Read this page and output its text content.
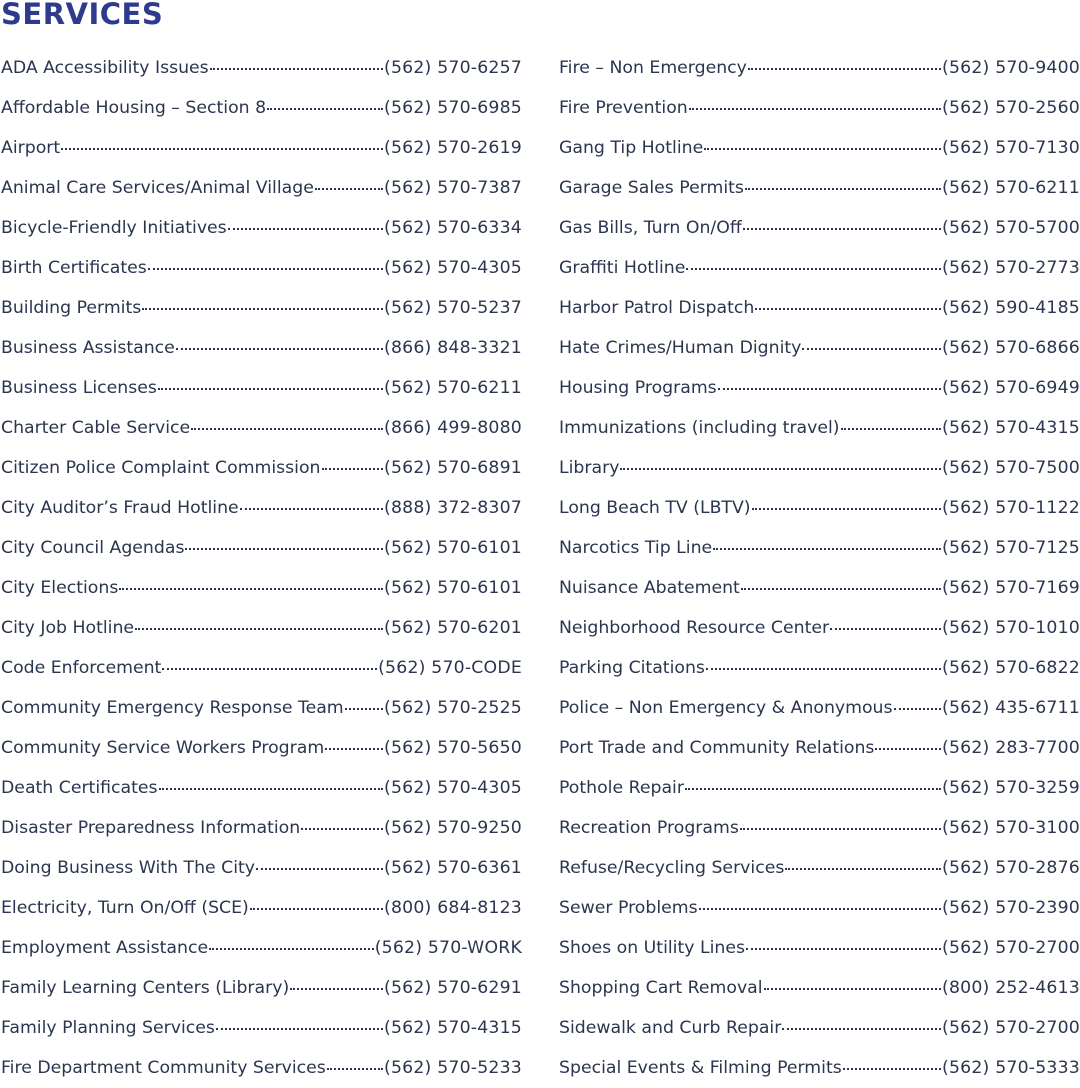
SERVICES
ADA Accessibility Issues	(562) 570-6257
Affordable Housing – Section 8	(562) 570-6985
Airport	(562) 570-2619
Animal Care Services/Animal Village	(562) 570-7387
Bicycle-Friendly Initiatives	(562) 570-6334
Birth Certificates	(562) 570-4305
Building Permits	(562) 570-5237
Business Assistance	(866) 848-3321
Business Licenses	(562) 570-6211
Charter Cable Service	(866) 499-8080
Citizen Police Complaint Commission	(562) 570-6891
City Auditor’s Fraud Hotline	(888) 372-8307
City Council Agendas	(562) 570-6101
City Elections	(562) 570-6101
City Job Hotline	(562) 570-6201
Code Enforcement	(562) 570-CODE
Community Emergency Response Team (562) 570-2525
Community Service Workers Program	(562) 570-5650
Death Certificates	(562) 570-4305
Disaster Preparedness Information	(562) 570-9250
Doing Business With The City	(562) 570-6361
Electricity, Turn On/Off (SCE)	(800) 684-8123
Employment Assistance	(562) 570-WORK
Family Learning Centers (Library)	(562) 570-6291
Family Planning Services	(562) 570-4315
Fire Department Community Services	(562) 570-5233
Fire – Non Emergency	(562) 570-9400
Fire Prevention	(562) 570-2560
Gang Tip Hotline	(562) 570-7130
Garage Sales Permits	(562) 570-6211
Gas Bills, Turn On/Off	(562) 570-5700
Graffiti Hotline	(562) 570-2773
Harbor Patrol Dispatch	(562) 590-4185
Hate Crimes/Human Dignity	(562) 570-6866
Housing Programs	(562) 570-6949
Immunizations (including travel)	(562) 570-4315
Library	(562) 570-7500
Long Beach TV (LBTV)	(562) 570-1122
Narcotics Tip Line	(562) 570-7125
Nuisance Abatement	(562) 570-7169
Neighborhood Resource Center	(562) 570-1010
Parking Citations	(562) 570-6822
Police – Non Emergency & Anonymous	(562) 435-6711
Port Trade and Community Relations	(562) 283-7700
Pothole Repair	(562) 570-3259
Recreation Programs	(562) 570-3100
Refuse/Recycling Services	(562) 570-2876
Sewer Problems	(562) 570-2390
Shoes on Utility Lines	(562) 570-2700
Shopping Cart Removal	(800) 252-4613
Sidewalk and Curb Repair	(562) 570-2700
Special Events & Filming Permits	(562) 570-5333
